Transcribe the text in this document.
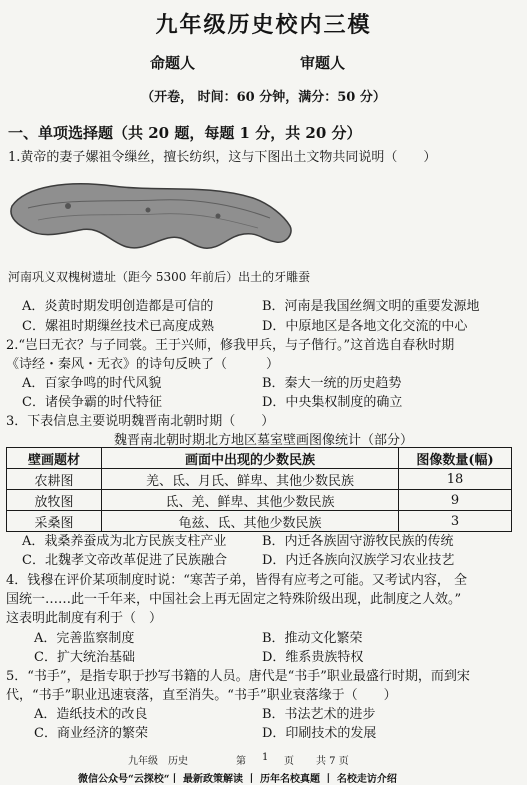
九年级历史校内三模
命题人	审题人
（开卷， 时间：60 分钟，满分：50 分）
一、单项选择题（共 20 题，每题 1 分，共 20 分）
1.黄帝的妻子嫘祖令缫丝，擅长纺织，这与下图出土文物共同说明（　　）
河南巩义双槐树遗址（距今 5300 年前后）出土的牙雕蚕
A．炎黄时期发明创造都是可信的	B．河南是我国丝绸文明的重要发源地
C．嫘祖时期缫丝技术已高度成熟	D．中原地区是各地文化交流的中心
2.“岂曰无衣？与子同裳。王于兴师，修我甲兵，与子偕行。”这首选自春秋时期
《诗经・秦风・无衣》的诗句反映了（　　　）
A．百家争鸣的时代风貌	B．秦大一统的历史趋势
C．诸侯争霸的时代特征	D．中央集权制度的确立
3．下表信息主要说明魏晋南北朝时期（　　）
魏晋南北朝时期北方地区墓室壁画图像统计（部分）
壁画题材	画面中出现的少数民族	图像数量(幅)
农耕图	羌、氐、月氏、鲜卑、其他少数民族	18
放牧图	氐、羌、鲜卑、其他少数民族	9
采桑图	龟兹、氐、其他少数民族	3
A．栽桑养蚕成为北方民族支柱产业	B．内迁各族固守游牧民族的传统
C．北魏孝文帝改革促进了民族融合	D．内迁各族向汉族学习农业技艺
4．钱穆在评价某项制度时说：“寒苦子弟，皆得有应考之可能。又考试内容， 全
国统一……此一千年来，中国社会上再无固定之特殊阶级出现，此制度之人效。”
这表明此制度有利于（　）
A．完善监察制度	B．推动文化繁荣
C．扩大统治基础	D．维系贵族特权
5．“书手”，是指专职于抄写书籍的人员。唐代是“书手”职业最盛行时期，而到宋
代，“书手”职业迅速衰落，直至消失。“书手”职业衰落缘于（　　）
A．造纸技术的改良	B．书法艺术的进步
C．商业经济的繁荣	D．印刷技术的发展
九年级 历史	第 1 页 共 7 页
微信公众号“云探校“丨 最新政策解读 丨 历年名校真题 丨 名校走访介绍
